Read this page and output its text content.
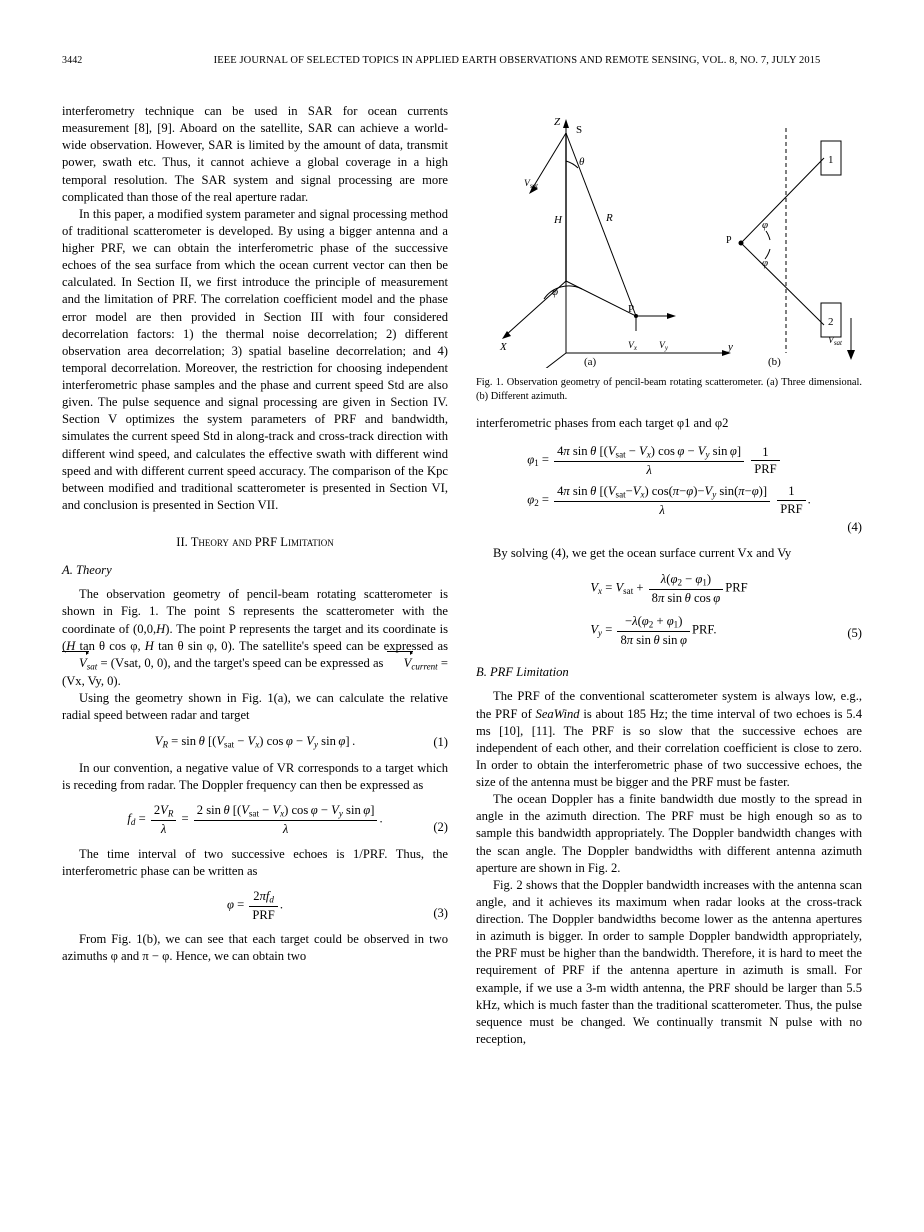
3442	IEEE JOURNAL OF SELECTED TOPICS IN APPLIED EARTH OBSERVATIONS AND REMOTE SENSING, VOL. 8, NO. 7, JULY 2015

interferometry technique can be used in SAR for ocean currents measurement [8], [9]. Aboard on the satellite, SAR can achieve a world-wide observation. However, SAR is limited by the amount of data, transmit power, swath etc. Thus, it cannot achieve a global coverage in a high temporal resolution. The SAR system and signal processing are more complicated than those of the real aperture radar.

In this paper, a modified system parameter and signal processing method of traditional scatterometer is developed. By using a bigger antenna and a higher PRF, we can obtain the interferometric phase of the successive echoes of the sea surface from which the ocean current vector can then be calculated. In Section II, we first introduce the principle of measurement and the limitation of PRF. The correlation coefficient model and the phase error model are then provided in Section III with four considered decorrelation factors: 1) the thermal noise decorrelation; 2) different observation area decorrelation; 3) spatial baseline decorrelation; and 4) temporal decorrelation. Moreover, the restriction for choosing independent interferometric phase samples and the phase and current speed Std are also given. The pulse sequence and signal processing are given in Section IV. Section V optimizes the system parameters of PRF and bandwidth, simulates the current speed Std in along-track and cross-track direction with different wind speed, and calculates the effective swath with different wind speed and with different current speed accuracy. The comparison of the Kpc between modified and traditional scatterometer is presented in Section VI, and conclusion is presented in Section VII.

II. Theory and PRF Limitation
A. Theory

The observation geometry of pencil-beam rotating scatterometer is shown in Fig. 1. The point S represents the scatterometer with the coordinate of (0,0,H). The point P represents the target and its coordinate is (H tan θ cos φ, H tan θ sin φ, 0). The satellite's speed can be expressed as $V_{sat}$ = (Vsat, 0, 0), and the target's speed can be expressed as $V_{current} = (Vx$, Vy, 0).

Using the geometry shown in Fig. 1(a), we can calculate the relative radial speed between radar and target

$V_R = \sin \theta$ [$(V_{sat} - V_x)$ $\cos \varphi - V_y$ sin φ] .	(1)

In our convention, a negative value of VR corresponds to a target which is receding from radar. The Doppler frequency can then be expressed as

$f_d = \frac{2V_R}{\lambda} = \frac{2 \sin \theta [(V_{sat} - V_x) \cos \varphi - V_y \sin \varphi]}{\lambda}$ .
(2)

The time interval of two successive echoes is 1/PRF. Thus, the interferometric phase can be written as

$\varphi = \frac{2\pi f_d}{\text{PRF}}$ .
(3)

From Fig. 1(b), we can see that each target could be observed in two azimuths φ and π − φ. Hence, we can obtain two

Z
X	y
S
θ
H	R
φ
$V_{sat}$
P
$V_x$ $V_y$
P
φ
φ
1
2
$V_{sat}$
(a)	(b)
Fig. 1. Observation geometry of pencil-beam rotating scatterometer. (a) Three dimensional. (b) Different azimuth.

interferometric phases from each target φ1 and φ2

$\varphi_1 = \frac{4\pi \sin \theta [(V_{sat} - V_x) \cos \varphi - V_y \sin \varphi]}{\lambda}$
$\frac{1}{\text{PRF}}$
$\varphi_2 = \frac{4\pi \sin \theta [(V_{sat}-V_x) \cos(\pi-\varphi)-V_y \sin(\pi-\varphi)]}{\lambda}$
$\frac{1}{\text{PRF}}$ .
(4)

By solving (4), we get the ocean surface current Vx and Vy

$V_x = V_{sat} + \frac{\lambda(\varphi_2 - \varphi_1)}{\text{8π sin θ cos φ}}$ PRF
$V_y = \frac{-\lambda(\varphi_2 + \varphi_1)}{\text{8π sin θ sin φ}}$ PRF.	(5)
B. PRF Limitation

The PRF of the conventional scatterometer system is always low, e.g., the PRF of SeaWind is about 185 Hz; the time interval of two echoes is 5.4 ms [10], [11]. The PRF is so slow that the successive echoes are independent of each other, and their correlation coefficient is close to zero. In order to obtain the interferometric phase of two successive echoes, the size of the antenna must be bigger and the PRF must be faster.

The ocean Doppler has a finite bandwidth due mostly to the spread in angle in the azimuth direction. The PRF must be high enough so as to sample this bandwidth appropriately. The Doppler bandwidth changes with the scan angle. The Doppler bandwidths with different antenna azimuth aperture are shown in Fig. 2.

Fig. 2 shows that the Doppler bandwidth increases with the antenna scan angle, and it achieves its maximum when radar looks at the cross-track direction. The Doppler bandwidths become lower as the antenna apertures in azimuth is bigger. In order to sample Doppler bandwidth appropriately, the PRF must be higher than the bandwidth. Therefore, it is hard to meet the requirement of PRF if the antenna aperture in azimuth is small. For example, if we use a 3-m width antenna, the PRF should be larger than 5.5 kHz, which is much faster than the traditional scatterometer. Thus, the pulse sequence must be changed. We continually transmit N pulse with no reception,
